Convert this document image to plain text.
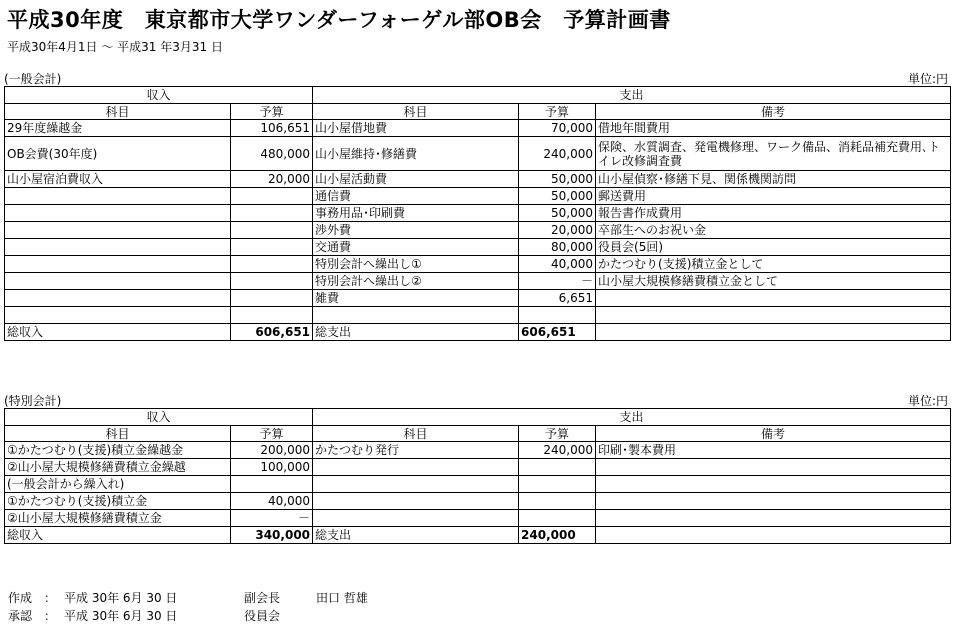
平成30年度　東京都市大学ワンダーフォーゲル部OB会　予算計画書
平成30年4月1日 ～ 平成31 年3月31 日
(一般会計)	単位:円
収入		支出		
科目	予算	科目	予算	備考
29年度繰越金	106,651	山小屋借地費	70,000	借地年間費用
OB会費(30年度)	480,000	山小屋維持･修繕費	240,000	保険、水質調査、発電機修理、ワーク備品、消耗品補充費用､トイレ改修調査費
山小屋宿泊費収入	20,000	山小屋活動費	50,000	山小屋偵察･修繕下見、関係機関訪問
		通信費	50,000	郵送費用
		事務用品･印刷費	50,000	報告書作成費用
		渉外費	20,000	卒部生へのお祝い金
		交通費	80,000	役員会(5回)
		特別会計へ繰出し①	40,000	かたつむり(支援)積立金として
		特別会計へ繰出し②	－	山小屋大規模修繕費積立金として
		雑費	6,651	

総収入	606,651	総支出	606,651	
(特別会計)	単位:円
収入		支出		
科目	予算	科目	予算	備考
①かたつむり(支援)積立金繰越金	200,000	かたつむり発行	240,000	印刷･製本費用
②山小屋大規模修繕費積立金繰越	100,000			
(一般会計から繰入れ)				
①かたつむり(支援)積立金	40,000			
②山小屋大規模修繕費積立金	－			
総収入	340,000	総支出	240,000	
作成 ： 平成 30年 6月 30 日	副会長	田口 哲雄
承認 ： 平成 30年 6月 30 日	役員会
